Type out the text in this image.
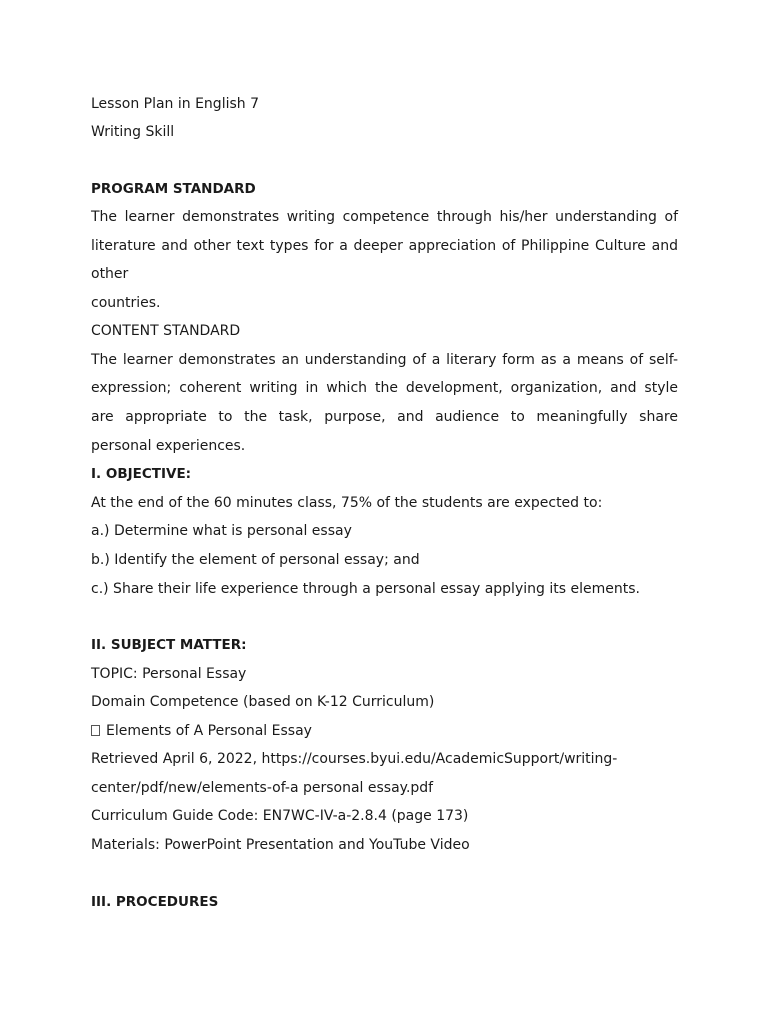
Lesson Plan in English 7
Writing Skill
PROGRAM STANDARD
The learner demonstrates writing competence through his/her understanding of
literature and other text types for a deeper appreciation of Philippine Culture and
other
countries.
CONTENT STANDARD
The learner demonstrates an understanding of a literary form as a means of self-
expression; coherent writing in which the development, organization, and style
are appropriate to the task, purpose, and audience to meaningfully share
personal experiences.
I. OBJECTIVE:
At the end of the 60 minutes class, 75% of the students are expected to:
a.) Determine what is personal essay
b.) Identify the element of personal essay; and
c.) Share their life experience through a personal essay applying its elements.
II. SUBJECT MATTER:
TOPIC: Personal Essay
Domain Competence (based on K-12 Curriculum)
Elements of A Personal Essay
Retrieved April 6, 2022, https://courses.byui.edu/AcademicSupport/writing-
center/pdf/new/elements-of-a personal essay.pdf
Curriculum Guide Code: EN7WC-IV-a-2.8.4 (page 173)
Materials: PowerPoint Presentation and YouTube Video
III. PROCEDURES
